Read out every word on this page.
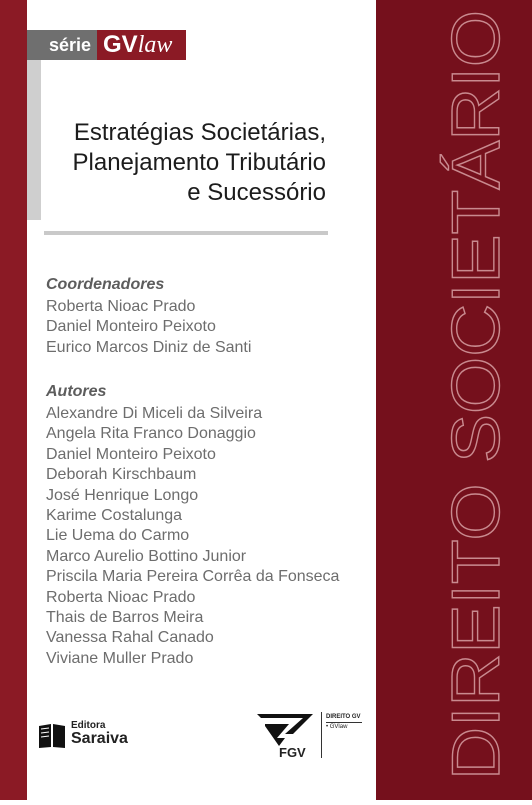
série GVlaw
Estratégias Societárias,
Planejamento Tributário
e Sucessório
Coordenadores
Roberta Nioac Prado
Daniel Monteiro Peixoto
Eurico Marcos Diniz de Santi
Autores
Alexandre Di Miceli da Silveira
Angela Rita Franco Donaggio
Daniel Monteiro Peixoto
Deborah Kirschbaum
José Henrique Longo
Karime Costalunga
Lie Uema do Carmo
Marco Aurelio Bottino Junior
Priscila Maria Pereira Corrêa da Fonseca
Roberta Nioac Prado
Thais de Barros Meira
Vanessa Rahal Canado
Viviane Muller Prado	DIREITO SOCIETÁRIO
Editora
Saraiva
FGV
DIREITO GV
• GVlaw
